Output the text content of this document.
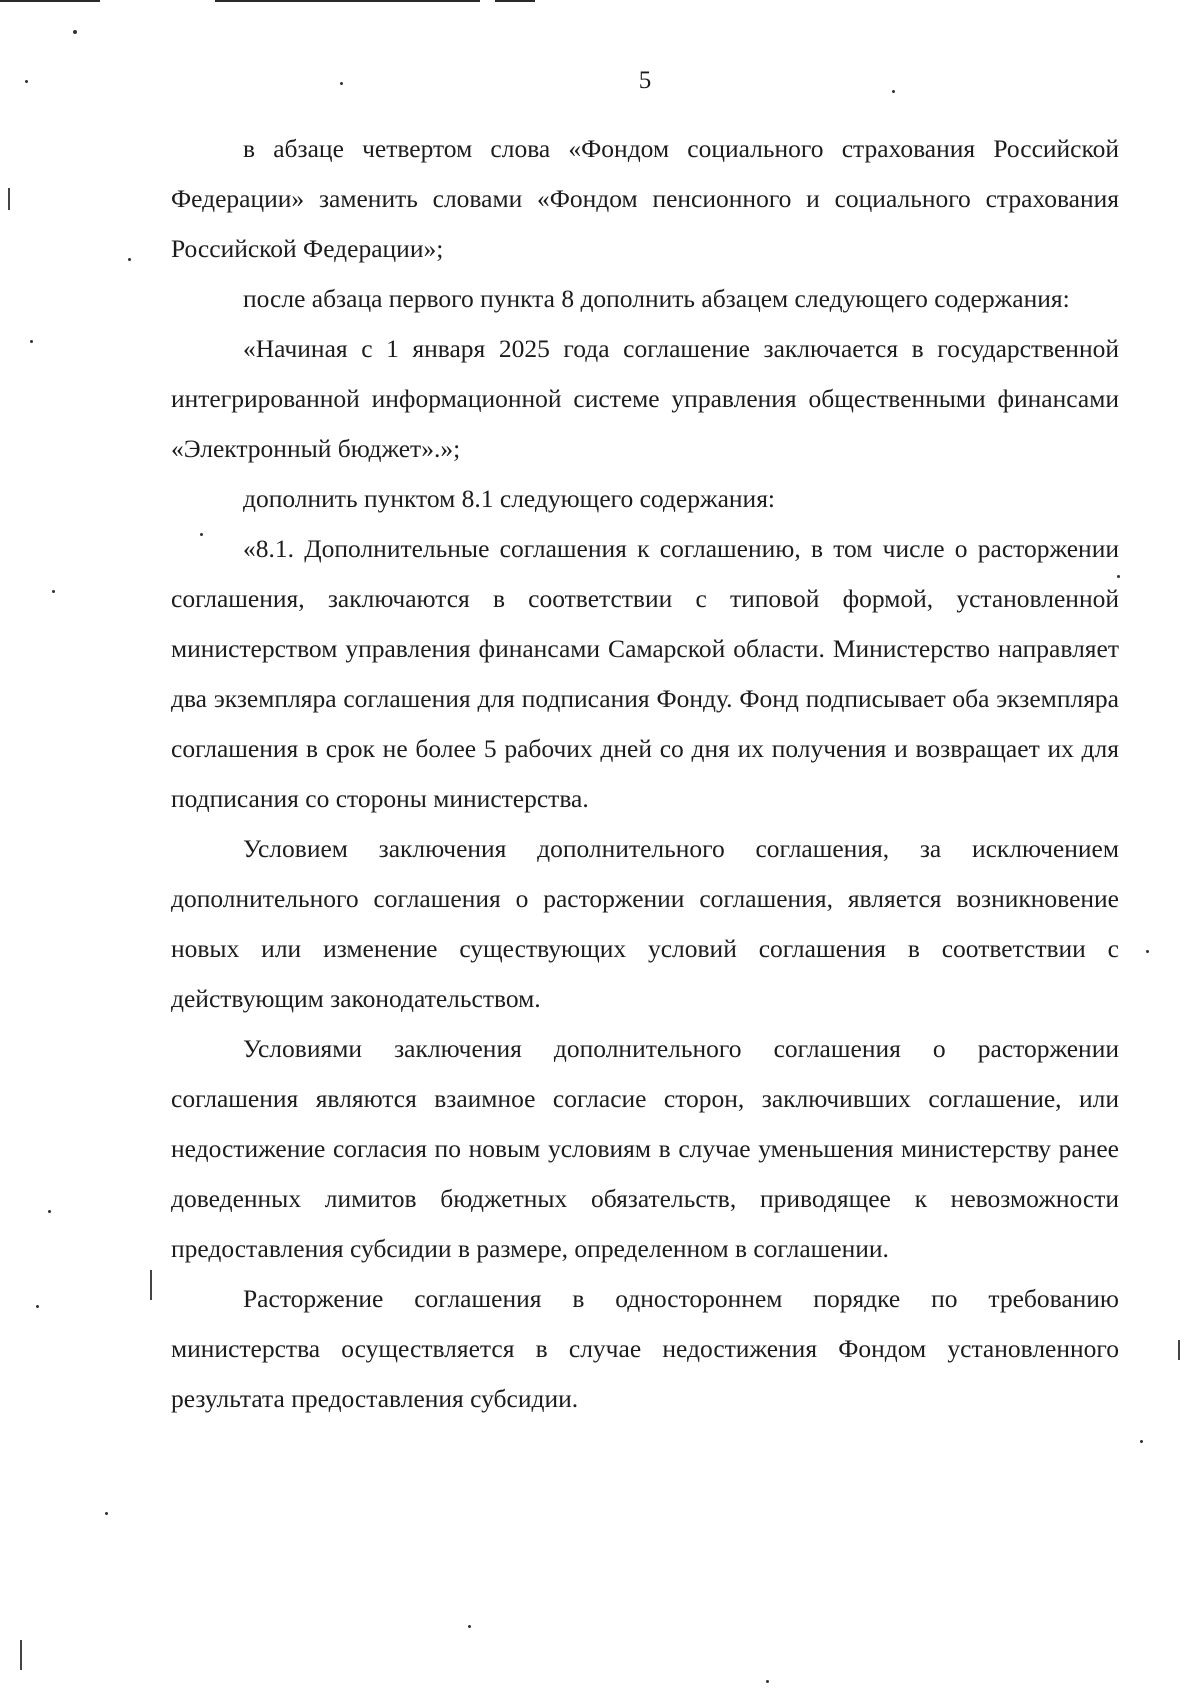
5

в абзаце четвертом слова «Фондом социального страхования Российской Федерации» заменить словами «Фондом пенсионного и социального страхования Российской Федерации»;

после абзаца первого пункта 8 дополнить абзацем следующего содержания:

«Начиная с 1 января 2025 года соглашение заключается в государственной интегрированной информационной системе управления общественными финансами «Электронный бюджет».»;

дополнить пунктом 8.1 следующего содержания:

«8.1. Дополнительные соглашения к соглашению, в том числе о расторжении соглашения, заключаются в соответствии с типовой формой, установленной министерством управления финансами Самарской области. Министерство направляет два экземпляра соглашения для подписания Фонду. Фонд подписывает оба экземпляра соглашения в срок не более 5 рабочих дней со дня их получения и возвращает их для подписания со стороны министерства.

Условием заключения дополнительного соглашения, за исключением дополнительного соглашения о расторжении соглашения, является возникновение новых или изменение существующих условий соглашения в соответствии с действующим законодательством.

Условиями заключения дополнительного соглашения о расторжении соглашения являются взаимное согласие сторон, заключивших соглашение, или недостижение согласия по новым условиям в случае уменьшения министерству ранее доведенных лимитов бюджетных обязательств, приводящее к невозможности предоставления субсидии в размере, определенном в соглашении.

Расторжение соглашения в одностороннем порядке по требованию министерства осуществляется в случае недостижения Фондом установленного результата предоставления субсидии.
